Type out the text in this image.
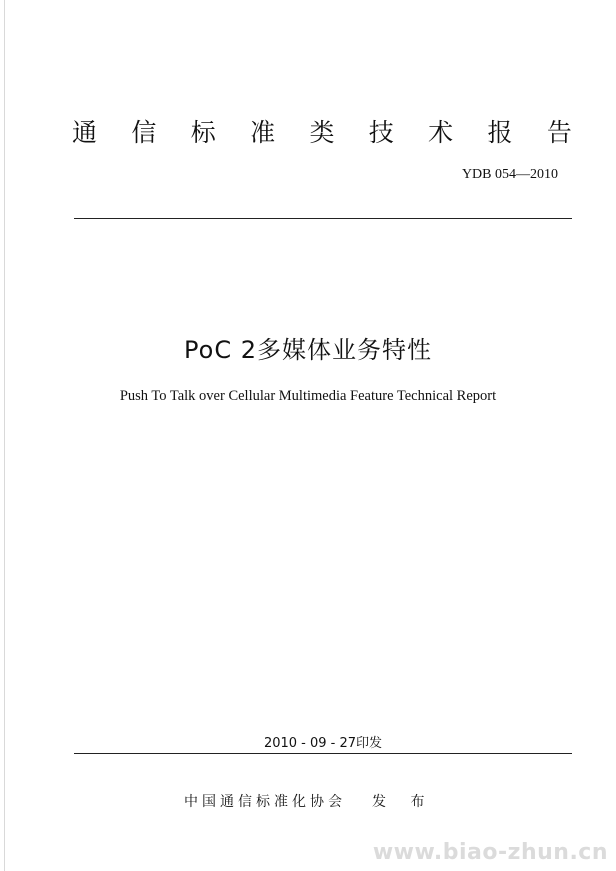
通 信 标 准 类 技 术 报 告
YDB 054—2010
PoC 2多媒体业务特性
Push To Talk over Cellular Multimedia Feature Technical Report
2010 - 09 - 27印发
中国通信标准化协会 发 布
www.biao-zhun.cn
